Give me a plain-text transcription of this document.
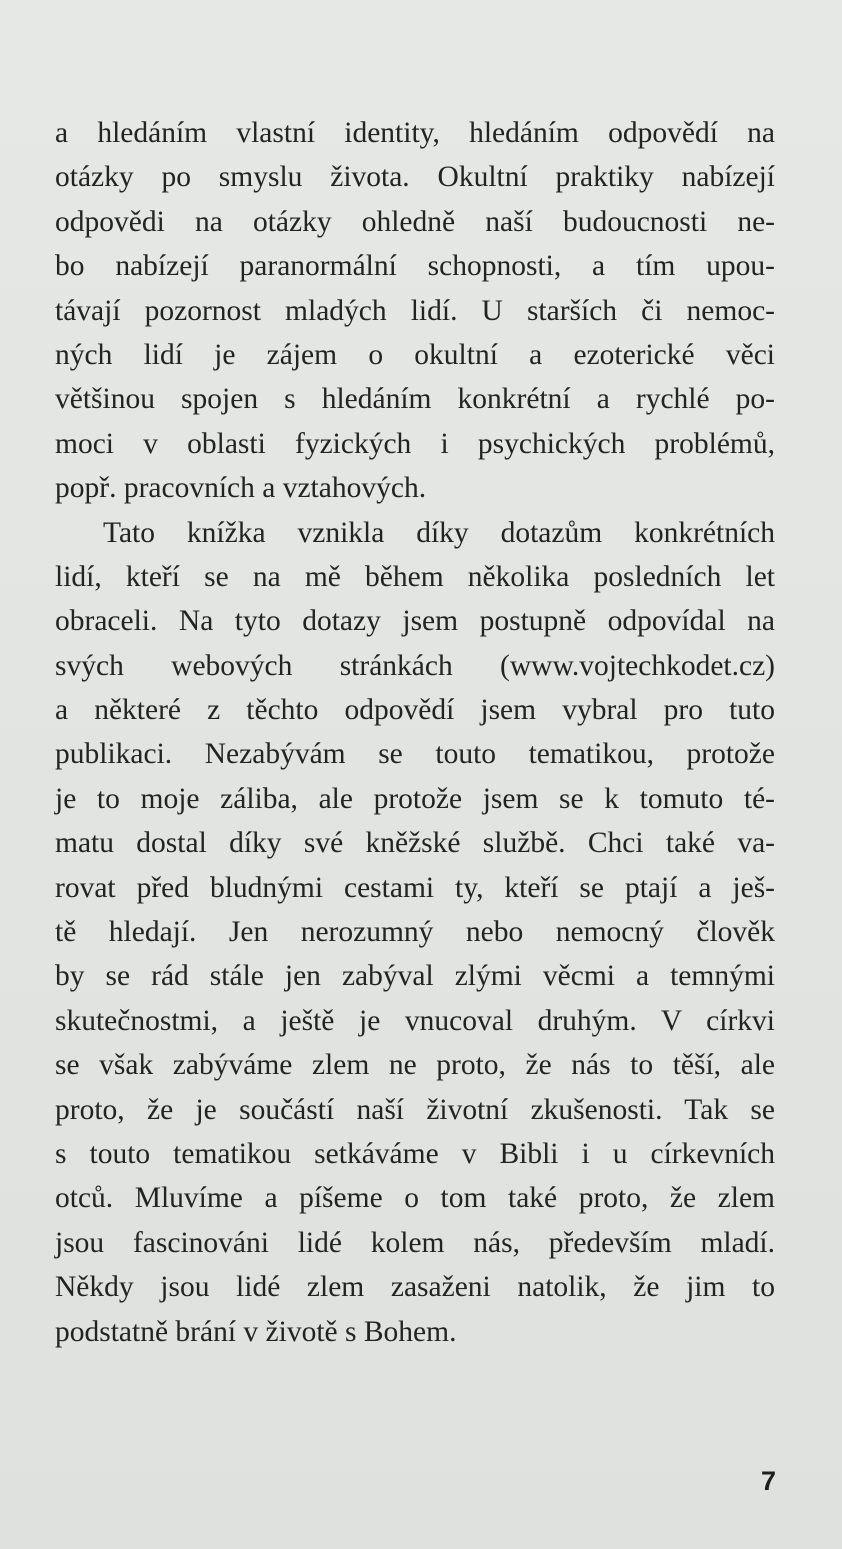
a hledáním vlastní identity, hledáním odpovědí na
otázky po smyslu života. Okultní praktiky nabízejí
odpovědi na otázky ohledně naší budoucnosti ne-
bo nabízejí paranormální schopnosti, a tím upou-
távají pozornost mladých lidí. U starších či nemoc-
ných lidí je zájem o okultní a ezoterické věci
většinou spojen s hledáním konkrétní a rychlé po-
moci v oblasti fyzických i psychických problémů,
popř. pracovních a vztahových.
Tato knížka vznikla díky dotazům konkrétních
lidí, kteří se na mě během několika posledních let
obraceli. Na tyto dotazy jsem postupně odpovídal na
svých webových stránkách (www.vojtechkodet.cz)
a některé z těchto odpovědí jsem vybral pro tuto
publikaci. Nezabývám se touto tematikou, protože
je to moje záliba, ale protože jsem se k tomuto té-
matu dostal díky své kněžské službě. Chci také va-
rovat před bludnými cestami ty, kteří se ptají a ješ-
tě hledají. Jen nerozumný nebo nemocný člověk
by se rád stále jen zabýval zlými věcmi a temnými
skutečnostmi, a ještě je vnucoval druhým. V církvi
se však zabýváme zlem ne proto, že nás to těší, ale
proto, že je součástí naší životní zkušenosti. Tak se
s touto tematikou setkáváme v Bibli i u církevních
otců. Mluvíme a píšeme o tom také proto, že zlem
jsou fascinováni lidé kolem nás, především mladí.
Někdy jsou lidé zlem zasaženi natolik, že jim to
podstatně brání v životě s Bohem.
7
